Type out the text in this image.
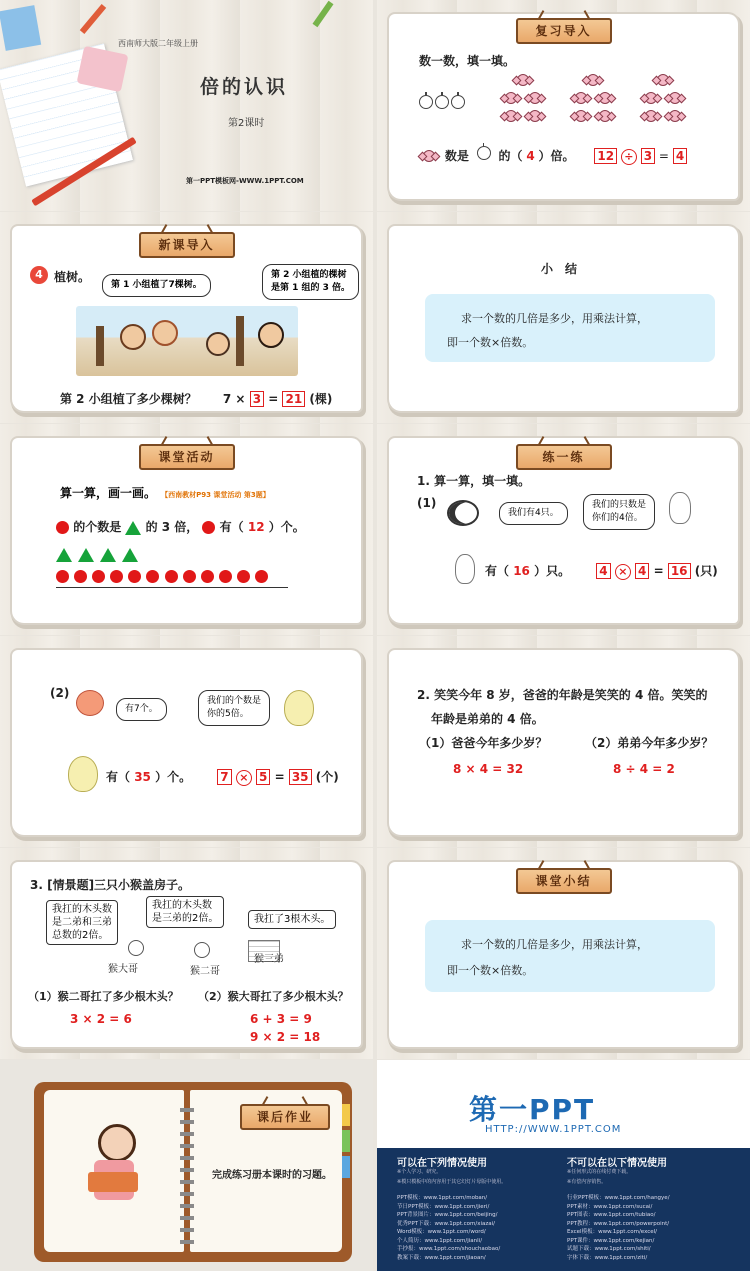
西南师大版二年级上册
倍的认识
第2课时
第一PPT模板网-WWW.1PPT.COM
复习导入
数一数，填一填。
数是 的（ 4 ）倍。 12 ÷ 3 = 4
新课导入
4 植树。
第 1 小组植了7棵树。
第 2 小组植的棵树
是第 1 组的 3 倍。
第 2 小组植了多少棵树？ 7 × 3 = 21 (棵)
小　结
求一个数的几倍是多少，用乘法计算，
即一个数×倍数。
课堂活动
算一算，画一画。 【西南教材P93 课堂活动 第3题】
的个数是 的 3 倍， 有（ 12 ）个。

练一练
1. 算一算，填一填。
(1)
我们有4只。
我们的只数是
你们的4倍。
有（ 16 ）只。 4 × 4 = 16 (只)
(2)
有7个。
我们的个数是
你的5倍。
有（ 35 ）个。 7 × 5 = 35 (个)
2. 笑笑今年 8 岁，爸爸的年龄是笑笑的 4 倍。笑笑的
年龄是弟弟的 4 倍。
（1）爸爸今年多少岁？	（2）弟弟今年多少岁？
8 × 4 = 32	8 ÷ 4 = 2
3. [情景题]三只小猴盖房子。
我扛的木头数
是二弟和三弟
总数的2倍。
我扛的木头数
是三弟的2倍。	我扛了3根木头。
猴大哥	猴二哥
猴三弟
（1）猴二哥扛了多少根木头？ （2）猴大哥扛了多少根木头？
3 × 2 = 6	6 + 3 = 9
9 × 2 = 18
课堂小结
求一个数的几倍是多少，用乘法计算，
即一个数×倍数。
课后作业
完成练习册本课时的习题。
第一PPT
HTTP://WWW.1PPT.COM
可以在下列情况使用
※个人学习、研究。
※模只模板中的内容用于其它幻灯片母版中使用。
不可以在以下情况使用
※任何形式的在线付费下载。
※有偿内容销售。
PPT模板：www.1ppt.com/moban/
节日PPT模板：www.1ppt.com/jieri/
PPT背景图片：www.1ppt.com/beijing/
优秀PPT下载：www.1ppt.com/xiazai/
Word模板：www.1ppt.com/word/
个人简历：www.1ppt.com/jianli/
手抄报：www.1ppt.com/shouchaobao/
教案下载：www.1ppt.com/jiaoan/
行业PPT模板：www.1ppt.com/hangye/
PPT素材：www.1ppt.com/sucai/
PPT图表：www.1ppt.com/tubiao/
PPT教程：www.1ppt.com/powerpoint/
Excel模板：www.1ppt.com/excel/
PPT课件：www.1ppt.com/kejian/
试题下载：www.1ppt.com/shiti/
字体下载：www.1ppt.com/ziti/
